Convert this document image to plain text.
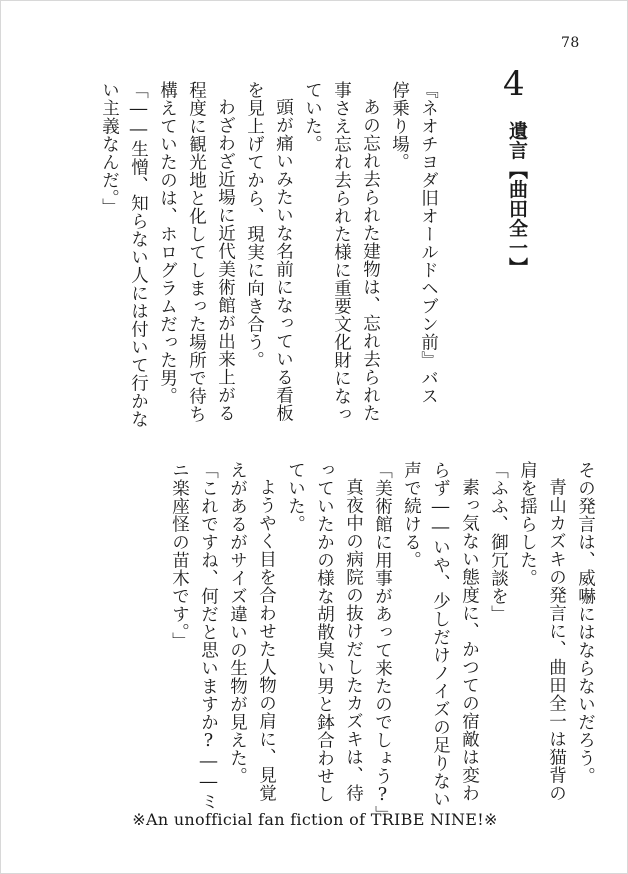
78
4
遺言【曲田全一】
『ネオチヨダ旧オールドヘブン前』バス
停乗り場。
あの忘れ去られた建物は、忘れ去られた
事さえ忘れ去られた様に重要文化財になっ
ていた。
頭が痛いみたいな名前になっている看板
を見上げてから、現実に向き合う。
わざわざ近場に近代美術館が出来上がる
程度に観光地と化してしまった場所で待ち
構えていたのは、ホログラムだった男。
「――生憎、知らない人には付いて行かな
い主義なんだ。」
その発言は、威嚇にはならないだろう。
青山カズキの発言に、曲田全一は猫背の
肩を揺らした。
「ふふ、御冗談を」
素っ気ない態度に、かつての宿敵は変わ
らず――いや、少しだけノイズの足りない
声で続ける。
「美術館に用事があって来たのでしょう?」
真夜中の病院の抜けだしたカズキは、待
っていたかの様な胡散臭い男と鉢合わせし
ていた。
ようやく目を合わせた人物の肩に、見覚
えがあるがサイズ違いの生物が見えた。
「これですね、何だと思いますか?――ミ
ニ楽座怪の苗木です。」
※An unofficial fan fiction of TRIBE NINE!※
